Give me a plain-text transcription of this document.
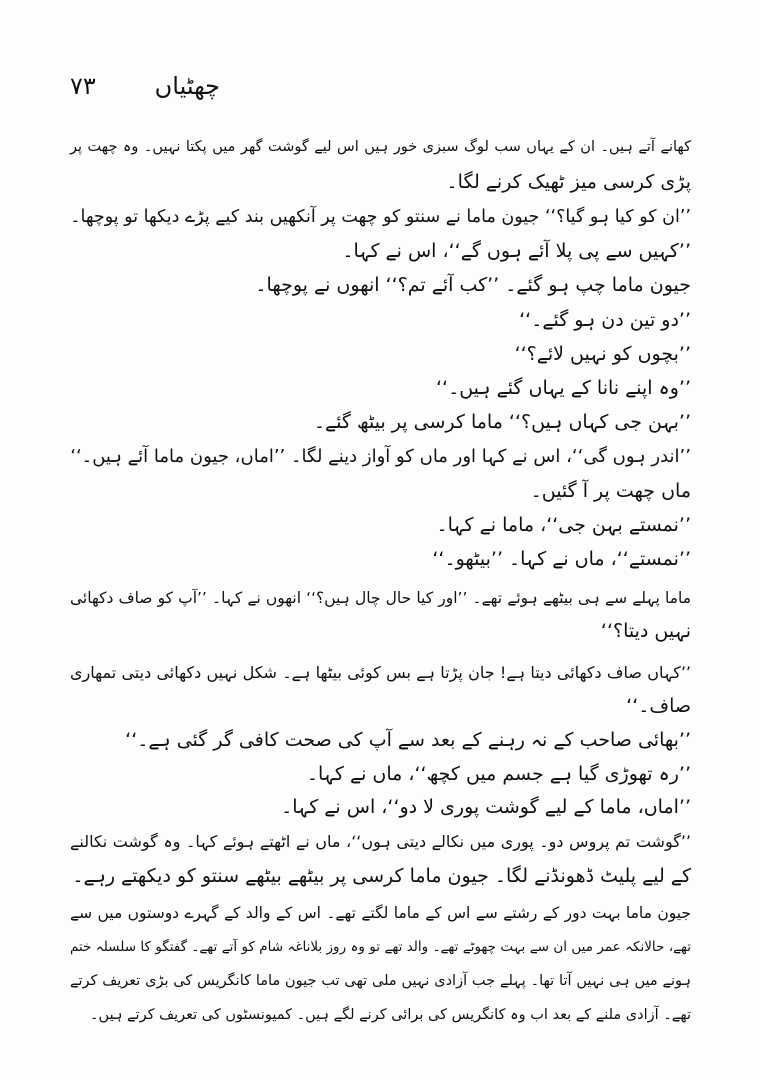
۷۳ چھٹیاں
کھانے آتے ہیں۔ ان کے یہاں سب لوگ سبزی خور ہیں اس لیے گوشت گھر میں پکتا نہیں۔ وہ چھت پر
پڑی کرسی میز ٹھیک کرنے لگا۔
’’ان کو کیا ہو گیا؟‘‘ جیون ماما نے سنتو کو چھت پر آنکھیں بند کیے پڑے دیکھا تو پوچھا۔
’’کہیں سے پی پلا آئے ہوں گے‘‘، اس نے کہا۔
جیون ماما چپ ہو گئے۔ ’’کب آئے تم؟‘‘ انھوں نے پوچھا۔
’’دو تین دن ہو گئے۔‘‘
’’بچوں کو نہیں لائے؟‘‘
’’وہ اپنے نانا کے یہاں گئے ہیں۔‘‘
’’بہن جی کہاں ہیں؟‘‘ ماما کرسی پر بیٹھ گئے۔
’’اندر ہوں گی‘‘، اس نے کہا اور ماں کو آواز دینے لگا۔ ’’اماں، جیون ماما آئے ہیں۔‘‘
ماں چھت پر آ گئیں۔
’’نمستے بہن جی‘‘، ماما نے کہا۔
’’نمستے‘‘، ماں نے کہا۔ ’’بیٹھو۔‘‘
ماما پہلے سے ہی بیٹھے ہوئے تھے۔ ’’اور کیا حال چال ہیں؟‘‘ انھوں نے کہا۔ ’’آپ کو صاف دکھائی
نہیں دیتا؟‘‘
’’کہاں صاف دکھائی دیتا ہے! جان پڑتا ہے بس کوئی بیٹھا ہے۔ شکل نہیں دکھائی دیتی تمھاری
صاف۔‘‘
’’بھائی صاحب کے نہ رہنے کے بعد سے آپ کی صحت کافی گر گئی ہے۔‘‘
’’رہ تھوڑی گیا ہے جسم میں کچھ‘‘، ماں نے کہا۔
’’اماں، ماما کے لیے گوشت پوری لا دو‘‘، اس نے کہا۔
’’گوشت تم پروس دو۔ پوری میں نکالے دیتی ہوں‘‘، ماں نے اٹھتے ہوئے کہا۔ وہ گوشت نکالنے
کے لیے پلیٹ ڈھونڈنے لگا۔ جیون ماما کرسی پر بیٹھے بیٹھے سنتو کو دیکھتے رہے۔
جیون ماما بہت دور کے رشتے سے اس کے ماما لگتے تھے۔ اس کے والد کے گہرے دوستوں میں سے
تھے، حالانکہ عمر میں ان سے بہت چھوٹے تھے۔ والد تھے تو وہ روز بلاناغہ شام کو آتے تھے۔ گفتگو کا سلسلہ ختم
ہونے میں ہی نہیں آتا تھا۔ پہلے جب آزادی نہیں ملی تھی تب جیون ماما کانگریس کی بڑی تعریف کرتے
تھے۔ آزادی ملنے کے بعد اب وہ کانگریس کی برائی کرنے لگے ہیں۔ کمیونسٹوں کی تعریف کرتے ہیں۔
